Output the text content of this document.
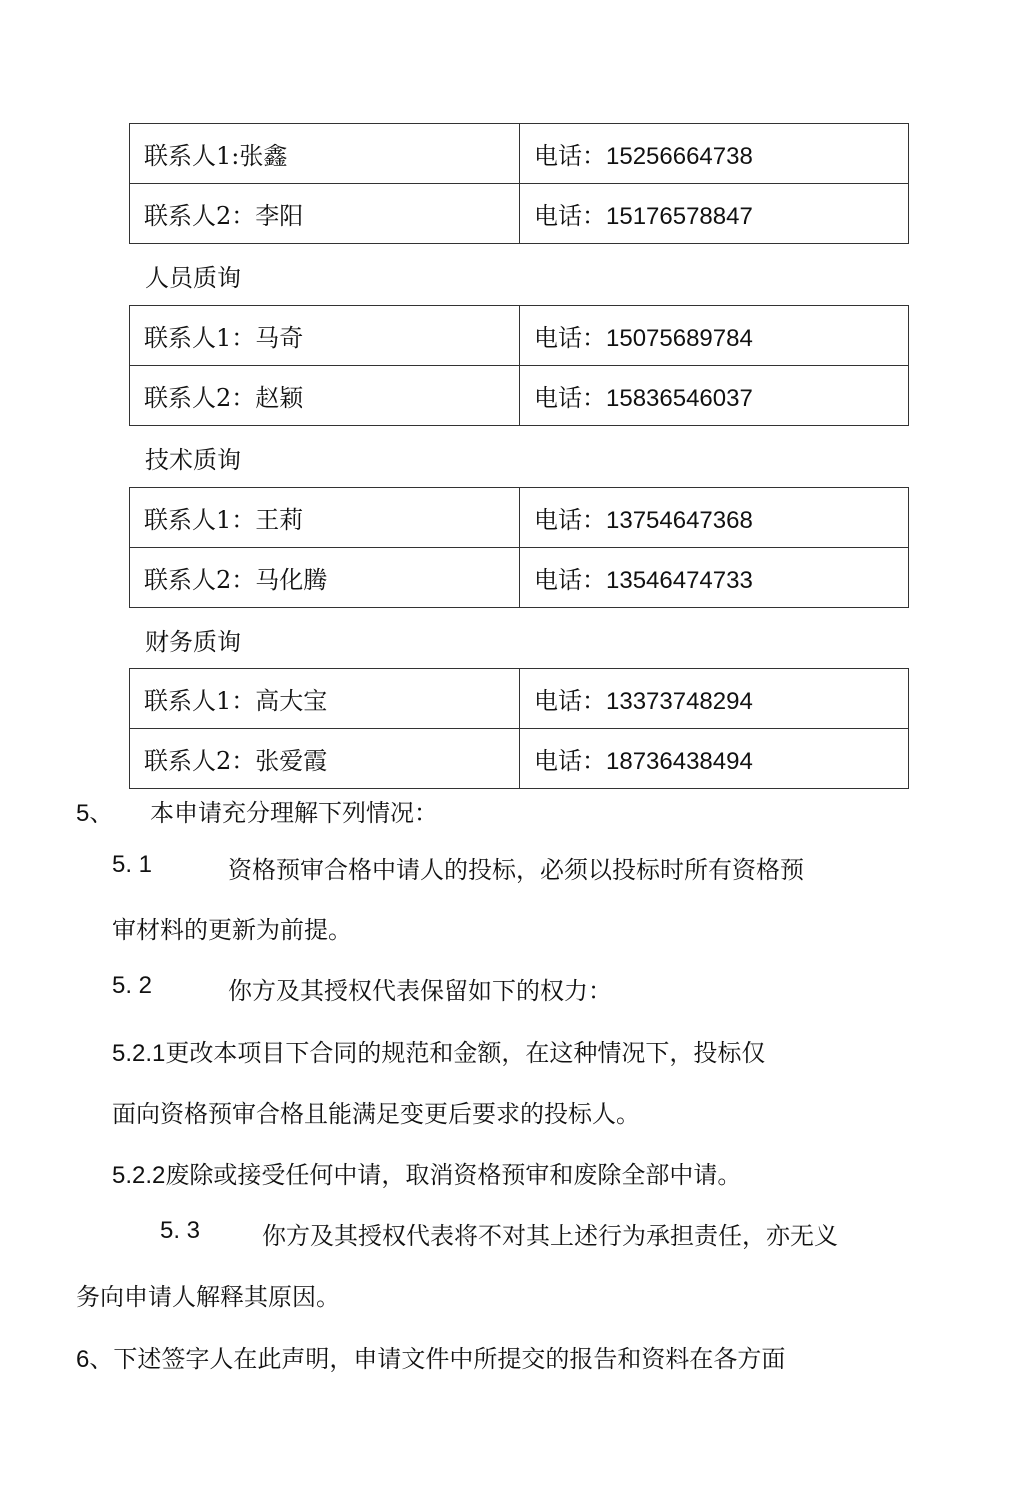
联系人1:张鑫	电话：15256664738
联系人2：李阳	电话：15176578847
人员质询
联系人1：马奇	电话：15075689784
联系人2：赵颖	电话：15836546037
技术质询
联系人1：王莉	电话：13754647368
联系人2：马化腾	电话：13546474733
财务质询
联系人1：高大宝	电话：13373748294
联系人2：张爱霞	电话：18736438494
5、 本申请充分理解下列情况：
5. 1	资格预审合格中请人的投标，必须以投标时所有资格预
审材料的更新为前提。
5. 2	你方及其授权代表保留如下的权力：
5.2.1更改本项目下合同的规范和金额，在这种情况下，投标仅
面向资格预审合格且能满足变更后要求的投标人。
5.2.2废除或接受任何中请，取消资格预审和废除全部中请。
5. 3	你方及其授权代表将不对其上述行为承担责任，亦无义
务向申请人解释其原因。
6、下述签字人在此声明，申请文件中所提交的报告和资料在各方面
